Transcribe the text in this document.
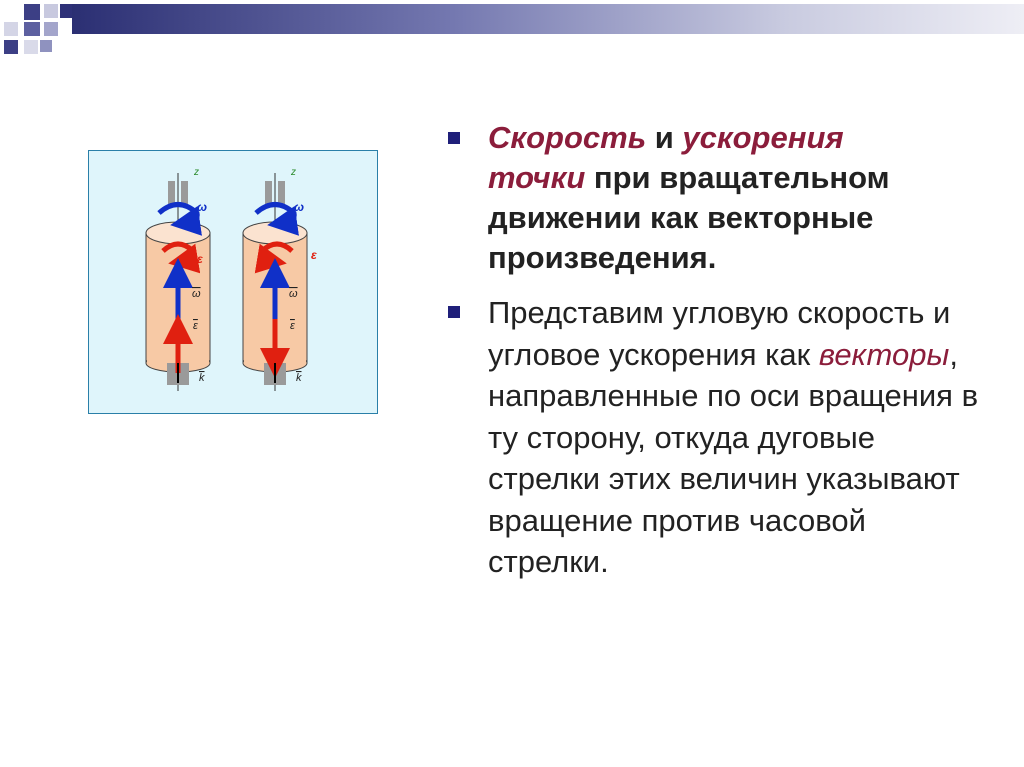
z	z
ω	ω
ε	ε
ω	ω
ε	ε
k	k
Скорость и ускорения
точки при вращательном движении как векторные произведения.
Представим угловую скорость и угловое ускорения как векторы, направленные по оси вращения в ту сторону, откуда дуговые стрелки этих величин указывают вращение против часовой стрелки.
